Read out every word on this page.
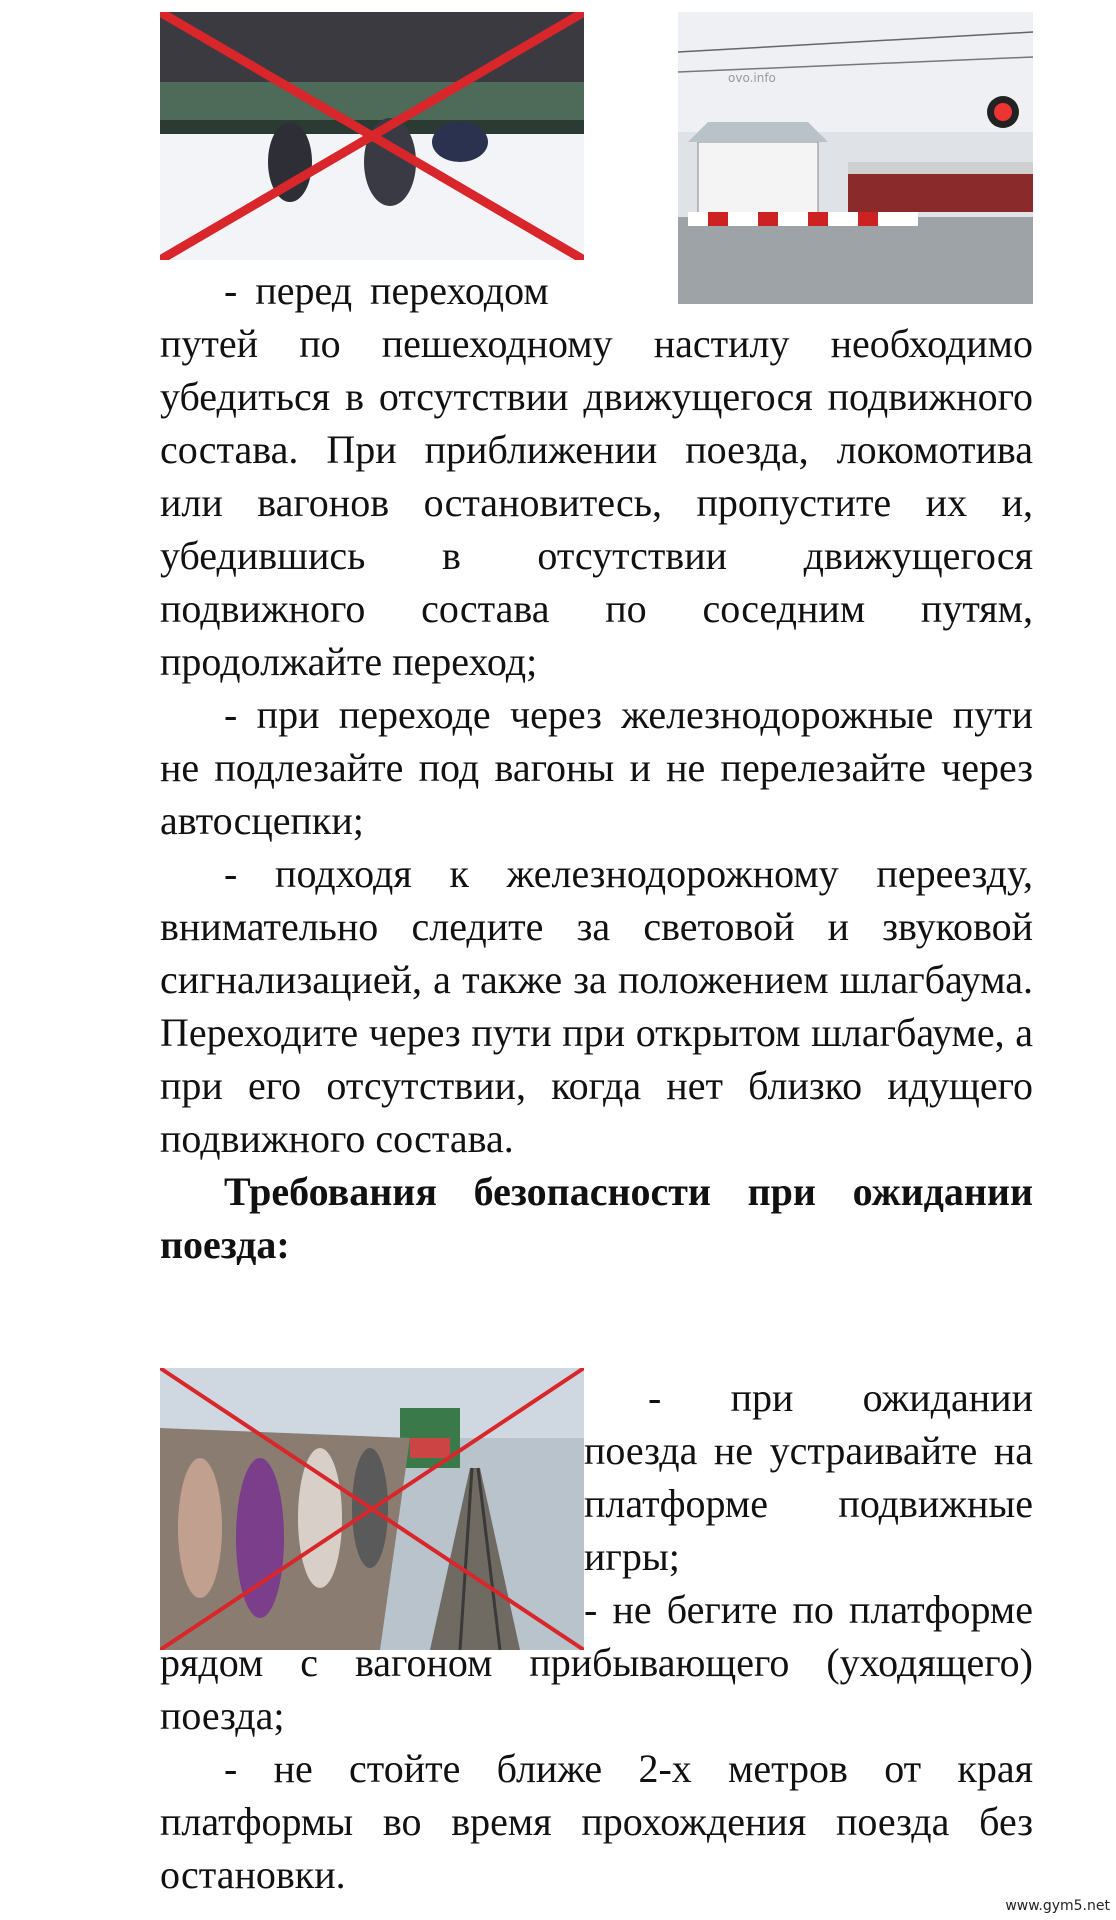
ovo.info
- перед переходом

путей по пешеходному настилу необходимо убедиться в отсутствии движущегося подвижного состава. При приближении поезда, локомотива или вагонов остановитесь, пропустите их и, убедившись в отсутствии движущегося подвижного состава по соседним путям, продолжайте переход;

- при переходе через железнодорожные пути не подлезайте под вагоны и не перелезайте через автосцепки;

- подходя к железнодорожному переезду, внимательно следите за световой и звуковой сигнализацией, а также за положением шлагбаума. Переходите через пути при открытом шлагбауме, а при его отсутствии, когда нет близко идущего подвижного состава.

Требования безопасности при ожидании поезда:

- при ожидании поезда не устраивайте на платформе подвижные игры;

- не бегите по платформе рядом с вагоном прибывающего (уходящего) поезда;

- не стойте ближе 2-х метров от края платформы во время прохождения поезда без остановки.

www.gym5.net
